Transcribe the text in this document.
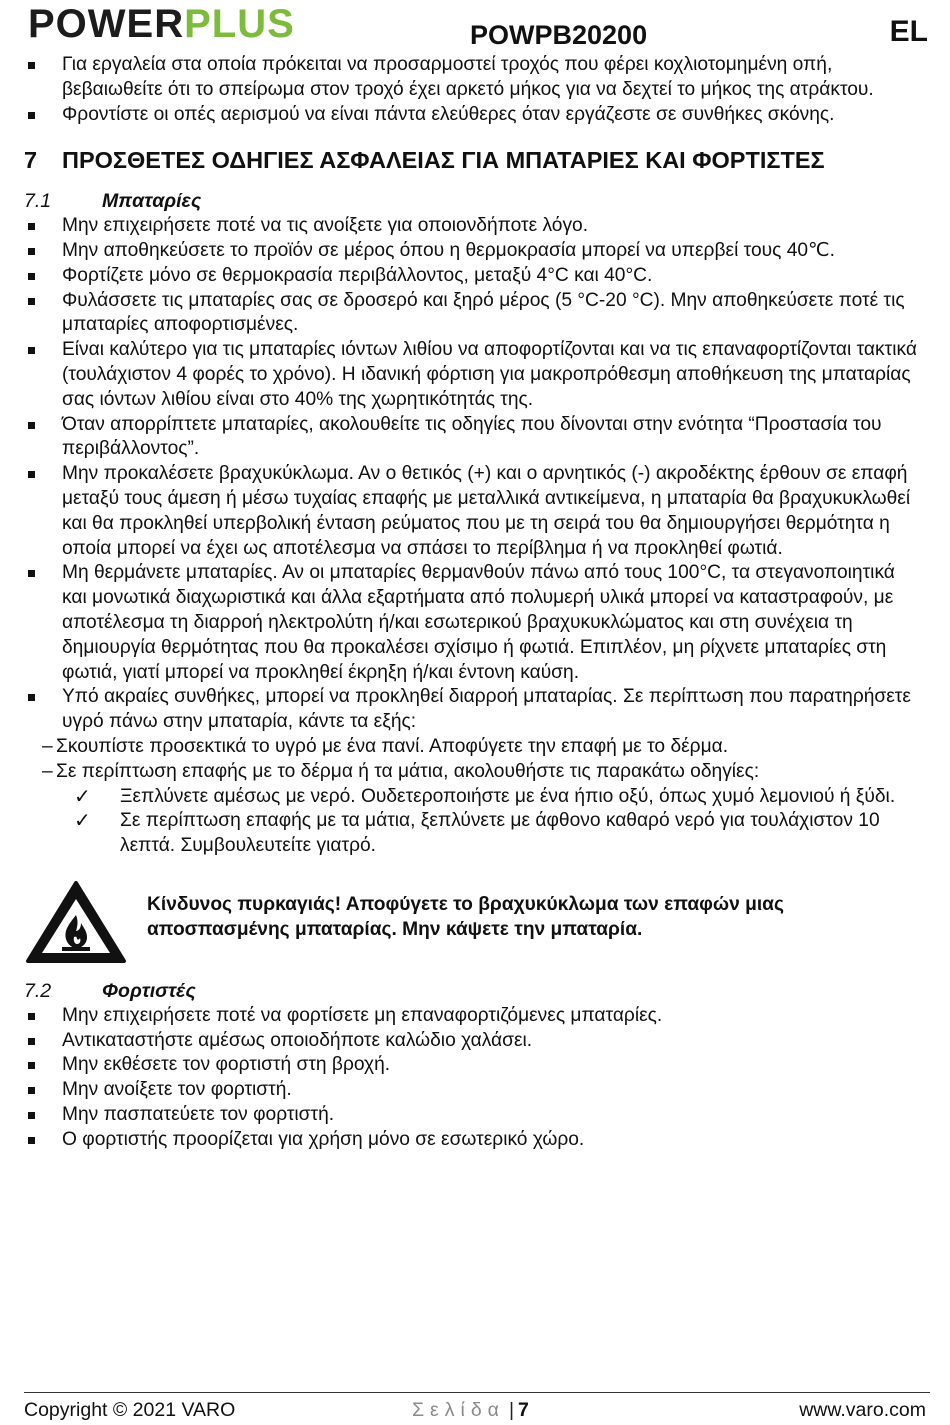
POWERPLUS	POWPB20200	EL
Για εργαλεία στα οποία πρόκειται να προσαρμοστεί τροχός που φέρει κοχλιοτομημένη οπή, βεβαιωθείτε ότι το σπείρωμα στον τροχό έχει αρκετό μήκος για να δεχτεί το μήκος της ατράκτου.
Φροντίστε οι οπές αερισμού να είναι πάντα ελεύθερες όταν εργάζεστε σε συνθήκες σκόνης.
7 ΠΡΟΣΘΕΤΕΣ ΟΔΗΓΙΕΣ ΑΣΦΑΛΕΙΑΣ ΓΙΑ ΜΠΑΤΑΡΙΕΣ ΚΑΙ ΦΟΡΤΙΣΤΕΣ
7.1	Μπαταρίες
Μην επιχειρήσετε ποτέ να τις ανοίξετε για οποιονδήποτε λόγο.
Μην αποθηκεύσετε το προϊόν σε μέρος όπου η θερμοκρασία μπορεί να υπερβεί τους 40℃.
Φορτίζετε μόνο σε θερμοκρασία περιβάλλοντος, μεταξύ 4°C και 40°C.
Φυλάσσετε τις μπαταρίες σας σε δροσερό και ξηρό μέρος (5 °C-20 °C). Μην αποθηκεύσετε ποτέ τις μπαταρίες αποφορτισμένες.
Είναι καλύτερο για τις μπαταρίες ιόντων λιθίου να αποφορτίζονται και να τις επαναφορτίζονται τακτικά (τουλάχιστον 4 φορές το χρόνο). Η ιδανική φόρτιση για μακροπρόθεσμη αποθήκευση της μπαταρίας σας ιόντων λιθίου είναι στο 40% της χωρητικότητάς της.
Όταν απορρίπτετε μπαταρίες, ακολουθείτε τις οδηγίες που δίνονται στην ενότητα “Προστασία του περιβάλλοντος”.
Μην προκαλέσετε βραχυκύκλωμα. Αν ο θετικός (+) και ο αρνητικός (-) ακροδέκτης έρθουν σε επαφή μεταξύ τους άμεση ή μέσω τυχαίας επαφής με μεταλλικά αντικείμενα, η μπαταρία θα βραχυκυκλωθεί και θα προκληθεί υπερβολική ένταση ρεύματος που με τη σειρά του θα δημιουργήσει θερμότητα η οποία μπορεί να έχει ως αποτέλεσμα να σπάσει το περίβλημα ή να προκληθεί φωτιά.
Μη θερμάνετε μπαταρίες. Αν οι μπαταρίες θερμανθούν πάνω από τους 100°C, τα στεγανοποιητικά και μονωτικά διαχωριστικά και άλλα εξαρτήματα από πολυμερή υλικά μπορεί να καταστραφούν, με αποτέλεσμα τη διαρροή ηλεκτρολύτη ή/και εσωτερικού βραχυκυκλώματος και στη συνέχεια τη δημιουργία θερμότητας που θα προκαλέσει σχίσιμο ή φωτιά. Επιπλέον, μη ρίχνετε μπαταρίες στη φωτιά, γιατί μπορεί να προκληθεί έκρηξη ή/και έντονη καύση.
Υπό ακραίες συνθήκες, μπορεί να προκληθεί διαρροή μπαταρίας. Σε περίπτωση που παρατηρήσετε υγρό πάνω στην μπαταρία, κάντε τα εξής:
– Σκουπίστε προσεκτικά το υγρό με ένα πανί. Αποφύγετε την επαφή με το δέρμα.
– Σε περίπτωση επαφής με το δέρμα ή τα μάτια, ακολουθήστε τις παρακάτω οδηγίες:
✓ Ξεπλύνετε αμέσως με νερό. Ουδετεροποιήστε με ένα ήπιο οξύ, όπως χυμό λεμονιού ή ξύδι.
✓ Σε περίπτωση επαφής με τα μάτια, ξεπλύνετε με άφθονο καθαρό νερό για τουλάχιστον 10 λεπτά. Συμβουλευτείτε γιατρό.
Κίνδυνος πυρκαγιάς! Αποφύγετε το βραχυκύκλωμα των επαφών μιας αποσπασμένης μπαταρίας. Μην κάψετε την μπαταρία.
7.2	Φορτιστές
Μην επιχειρήσετε ποτέ να φορτίσετε μη επαναφορτιζόμενες μπαταρίες.
Αντικαταστήστε αμέσως οποιοδήποτε καλώδιο χαλάσει.
Μην εκθέσετε τον φορτιστή στη βροχή.
Μην ανοίξετε τον φορτιστή.
Μην πασπατεύετε τον φορτιστή.
Ο φορτιστής προορίζεται για χρήση μόνο σε εσωτερικό χώρο.
Copyright © 2021 VARO	Σελίδα | 7	www.varo.com
